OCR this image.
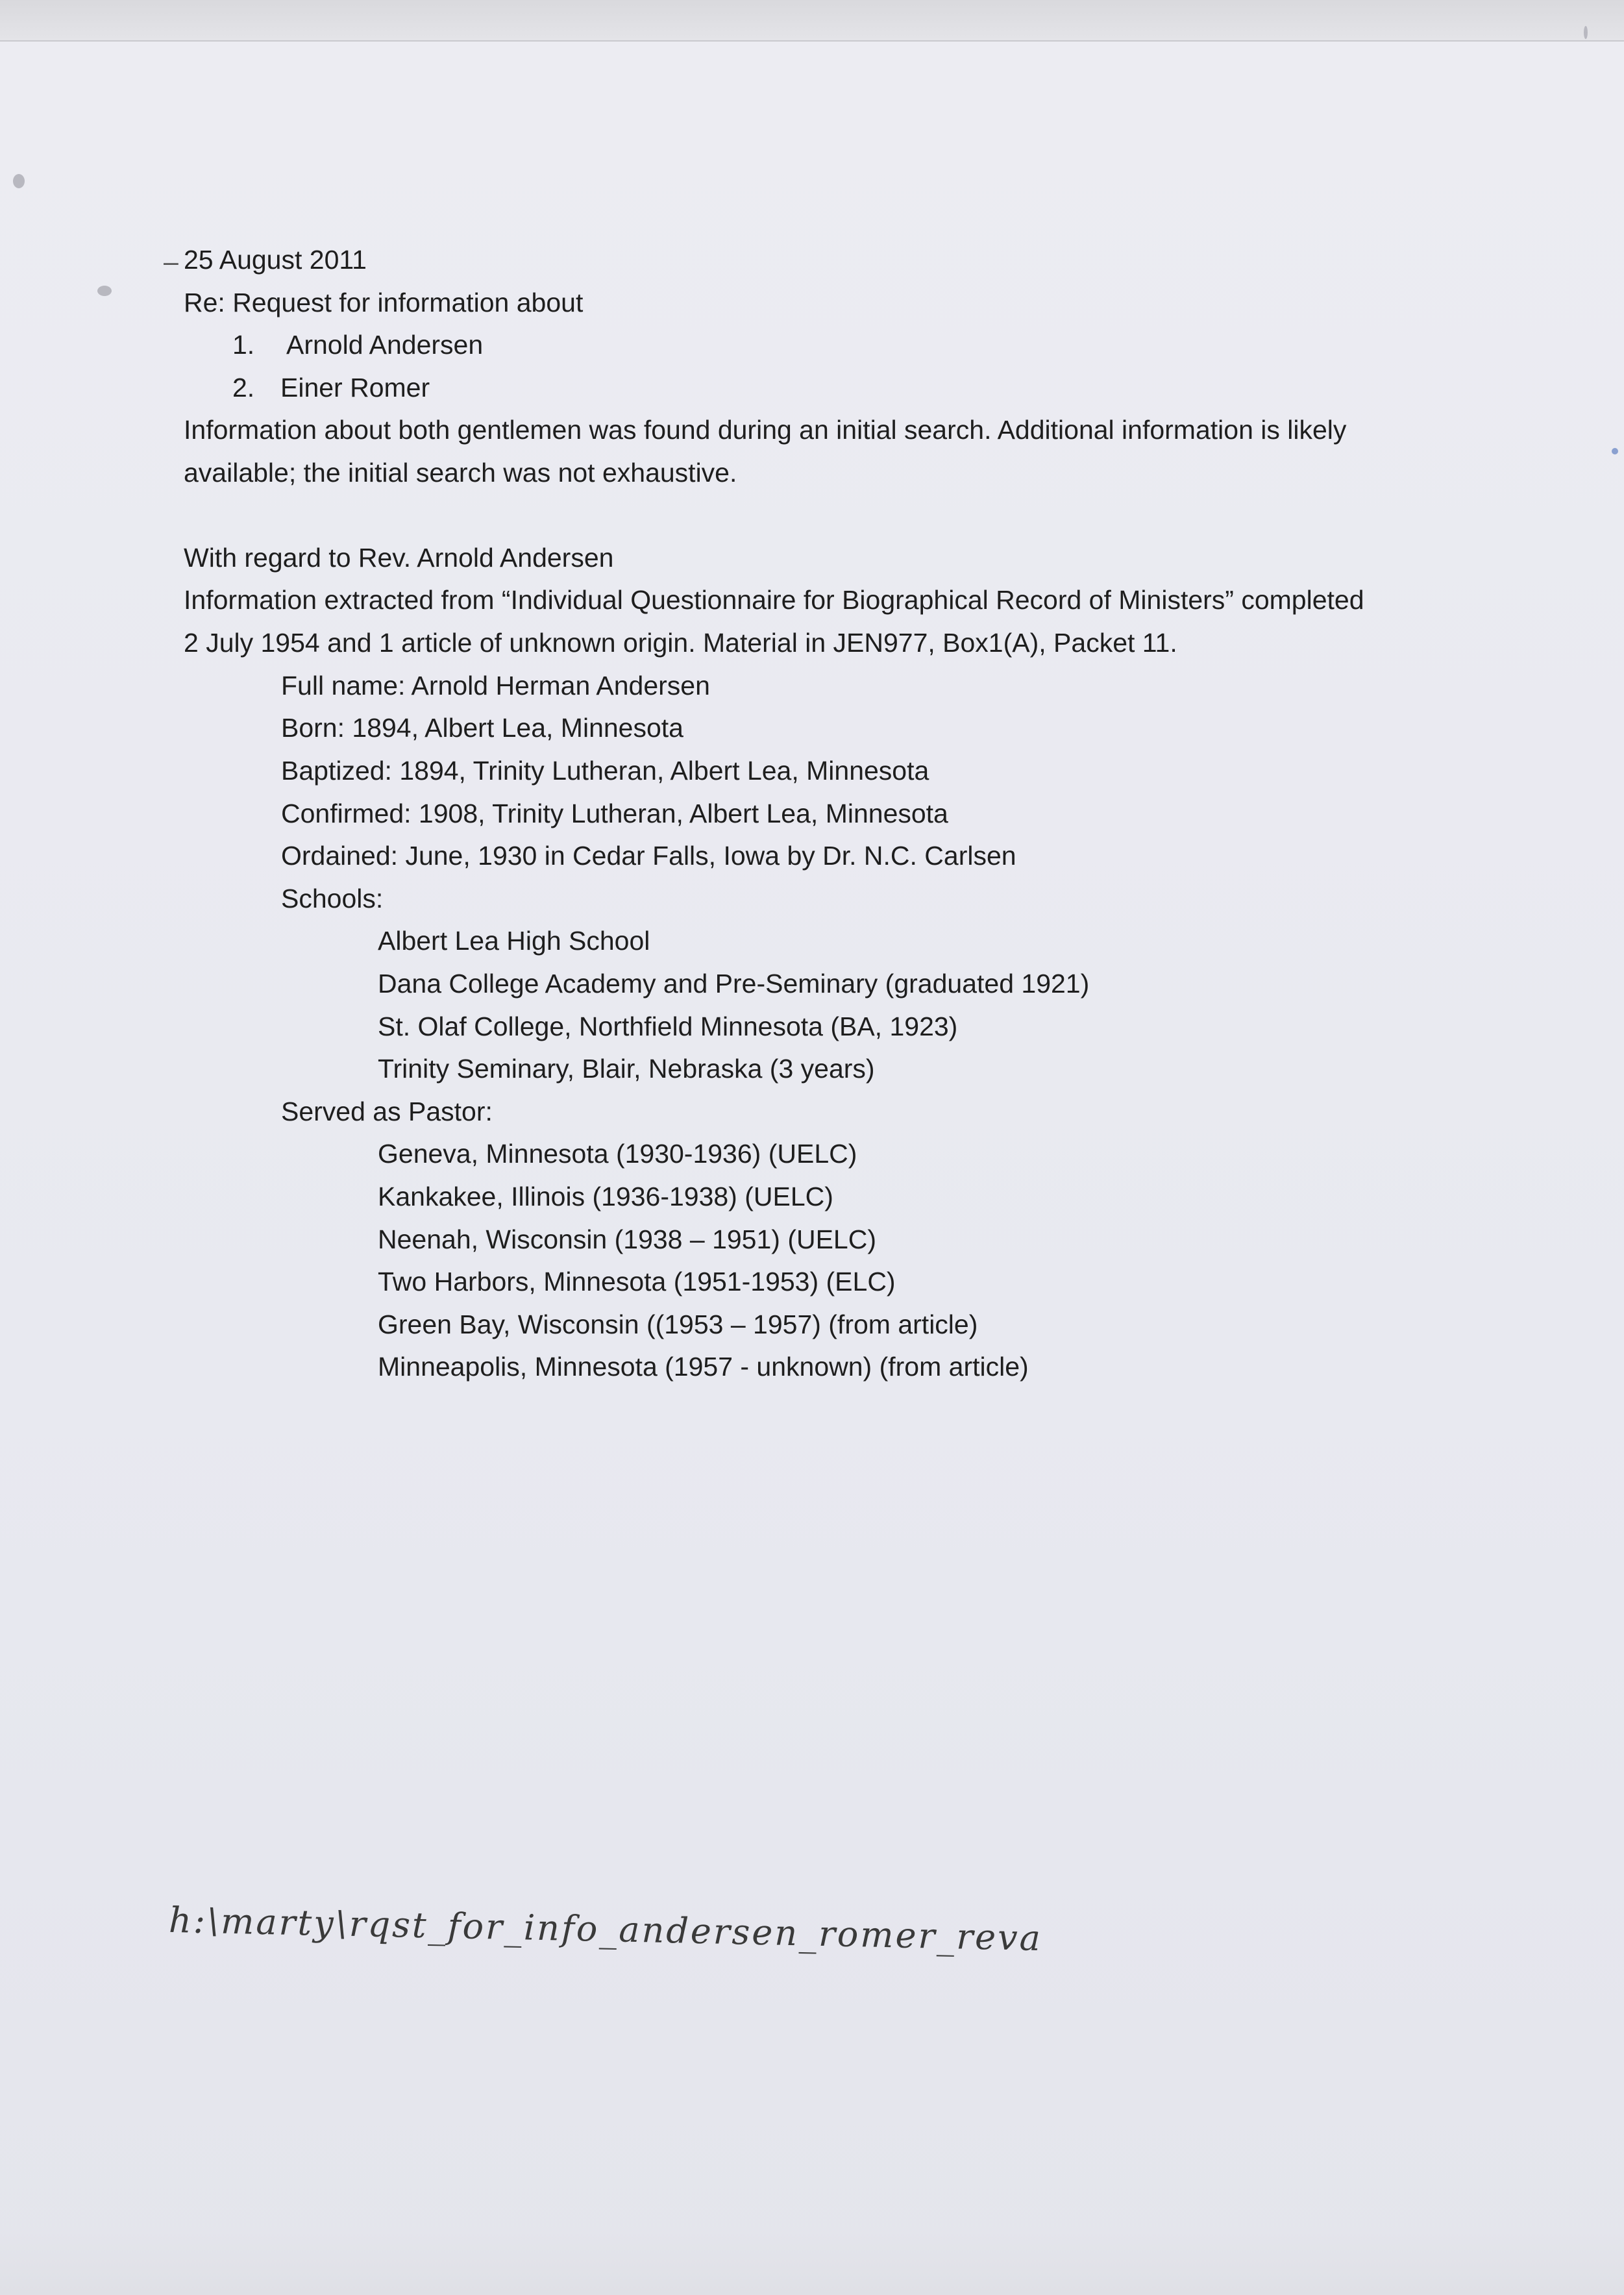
– 25 August 2011
Re: Request for information about
1. Arnold Andersen
2. Einer Romer
Information about both gentlemen was found during an initial search. Additional information is likely
available; the initial search was not exhaustive.
With regard to Rev. Arnold Andersen
Information extracted from “Individual Questionnaire for Biographical Record of Ministers” completed
2 July 1954 and 1 article of unknown origin. Material in JEN977, Box1(A), Packet 11.
Full name: Arnold Herman Andersen
Born: 1894, Albert Lea, Minnesota
Baptized: 1894, Trinity Lutheran, Albert Lea, Minnesota
Confirmed: 1908, Trinity Lutheran, Albert Lea, Minnesota
Ordained: June, 1930 in Cedar Falls, Iowa by Dr. N.C. Carlsen
Schools:
Albert Lea High School
Dana College Academy and Pre-Seminary (graduated 1921)
St. Olaf College, Northfield Minnesota (BA, 1923)
Trinity Seminary, Blair, Nebraska (3 years)
Served as Pastor:
Geneva, Minnesota (1930-1936) (UELC)
Kankakee, Illinois (1936-1938) (UELC)
Neenah, Wisconsin (1938 – 1951) (UELC)
Two Harbors, Minnesota (1951-1953) (ELC)
Green Bay, Wisconsin ((1953 – 1957) (from article)
Minneapolis, Minnesota (1957 - unknown) (from article)
h:\marty\rqst_for_info_andersen_romer_reva
